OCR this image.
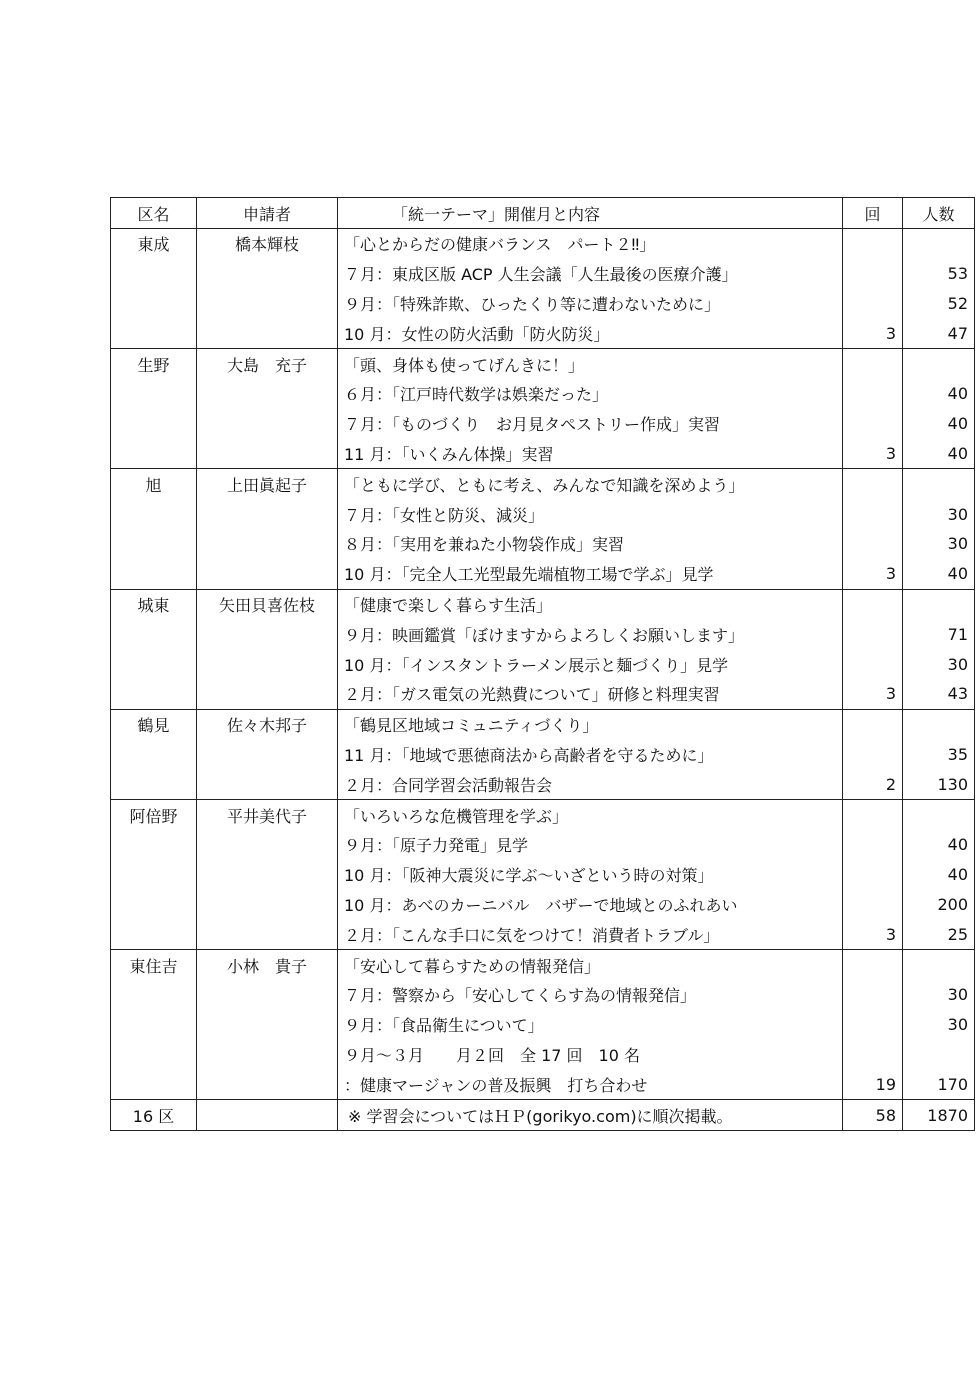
区名	申請者	「統一テーマ」開催月と内容	回	人数
東成	橋本輝枝	「心とからだの健康バランス　パート２‼」		
		７月：東成区版 ACP 人生会議「人生最後の医療介護」		53
		９月：「特殊詐欺、ひったくり等に遭わないために」		52
		10 月：女性の防火活動「防火防災」	3	47
生野	大島　充子	「頭、身体も使ってげんきに！」		
		６月：「江戸時代数学は娯楽だった」		40
		７月：「ものづくり　お月見タペストリー作成」実習		40
		11 月：「いくみん体操」実習	3	40
旭	上田眞起子	「ともに学び、ともに考え、みんなで知識を深めよう」		
		７月：「女性と防災、減災」		30
		８月：「実用を兼ねた小物袋作成」実習		30
		10 月：「完全人工光型最先端植物工場で学ぶ」見学	3	40
城東	矢田貝喜佐枝	「健康で楽しく暮らす生活」		
		９月：映画鑑賞「ぼけますからよろしくお願いします」		71
		10 月：「インスタントラーメン展示と麺づくり」見学		30
		２月：「ガス電気の光熱費について」研修と料理実習	3	43
鶴見	佐々木邦子	「鶴見区地域コミュニティづくり」		
		11 月：「地域で悪徳商法から高齢者を守るために」		35
		２月：合同学習会活動報告会	2	130
阿倍野	平井美代子	「いろいろな危機管理を学ぶ」		
		９月：「原子力発電」見学		40
		10 月：「阪神大震災に学ぶ～いざという時の対策」		40
		10 月：あべのカーニバル　バザーで地域とのふれあい		200
		２月：「こんな手口に気をつけて！消費者トラブル」	3	25
東住吉	小林　貴子	「安心して暮らすための情報発信」		
		７月：警察から「安心してくらす為の情報発信」		30
		９月：「食品衛生について」		30
		９月～３月　　月２回　全 17 回　10 名		
		：健康マージャンの普及振興　打ち合わせ	19	170
16 区		※ 学習会についてはＨＰ(gorikyo.com)に順次掲載。	58	1870
